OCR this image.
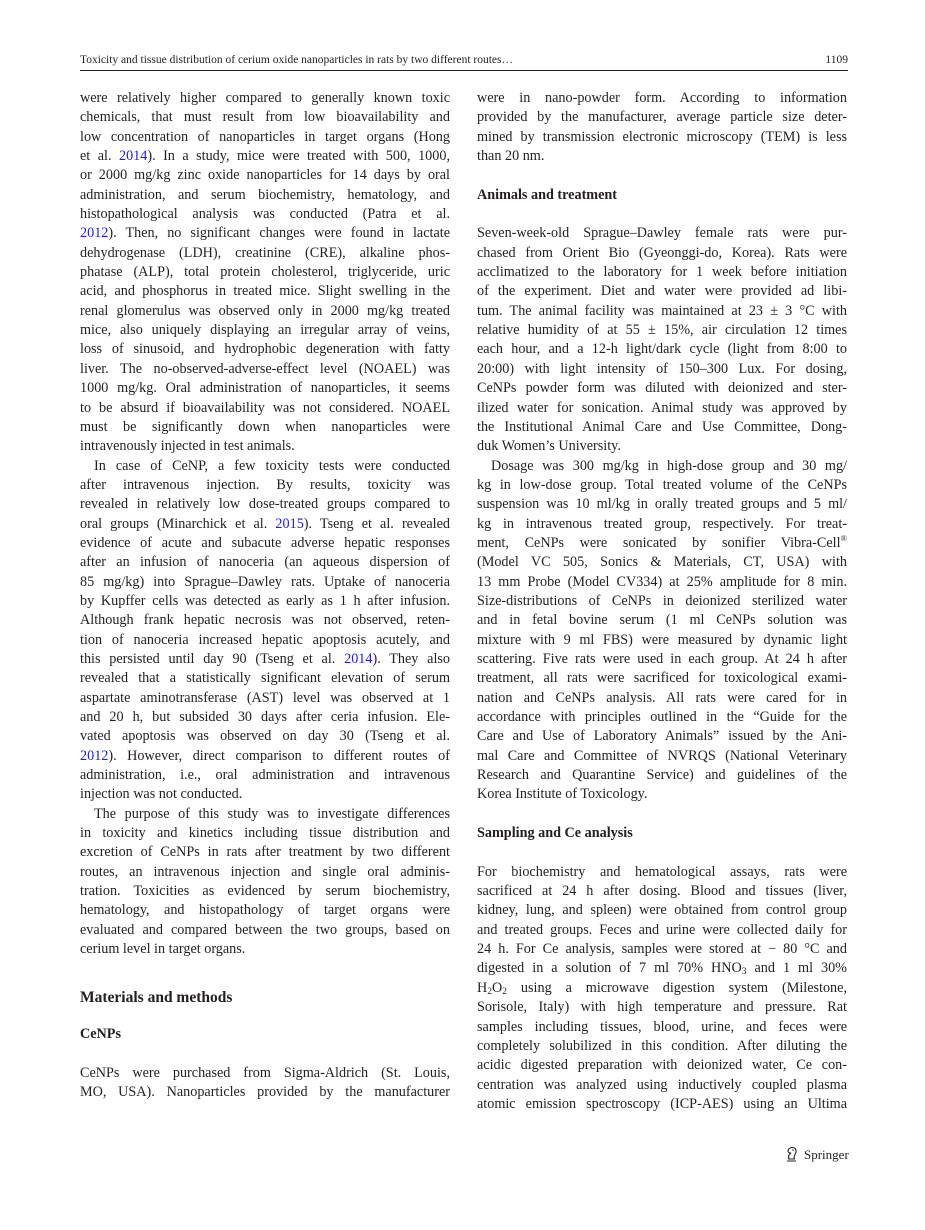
Toxicity and tissue distribution of cerium oxide nanoparticles in rats by two different routes…	1109
were relatively higher compared to generally known toxic
chemicals, that must result from low bioavailability and
low concentration of nanoparticles in target organs (Hong
et al. 2014). In a study, mice were treated with 500, 1000,
or 2000 mg/kg zinc oxide nanoparticles for 14 days by oral
administration, and serum biochemistry, hematology, and
histopathological analysis was conducted (Patra et al.
2012). Then, no significant changes were found in lactate
dehydrogenase (LDH), creatinine (CRE), alkaline phos-
phatase (ALP), total protein cholesterol, triglyceride, uric
acid, and phosphorus in treated mice. Slight swelling in the
renal glomerulus was observed only in 2000 mg/kg treated
mice, also uniquely displaying an irregular array of veins,
loss of sinusoid, and hydrophobic degeneration with fatty
liver. The no-observed-adverse-effect level (NOAEL) was
1000 mg/kg. Oral administration of nanoparticles, it seems
to be absurd if bioavailability was not considered. NOAEL
must be significantly down when nanoparticles were
intravenously injected in test animals.
In case of CeNP, a few toxicity tests were conducted
after intravenous injection. By results, toxicity was
revealed in relatively low dose-treated groups compared to
oral groups (Minarchick et al. 2015). Tseng et al. revealed
evidence of acute and subacute adverse hepatic responses
after an infusion of nanoceria (an aqueous dispersion of
85 mg/kg) into Sprague–Dawley rats. Uptake of nanoceria
by Kupffer cells was detected as early as 1 h after infusion.
Although frank hepatic necrosis was not observed, reten-
tion of nanoceria increased hepatic apoptosis acutely, and
this persisted until day 90 (Tseng et al. 2014). They also
revealed that a statistically significant elevation of serum
aspartate aminotransferase (AST) level was observed at 1
and 20 h, but subsided 30 days after ceria infusion. Ele-
vated apoptosis was observed on day 30 (Tseng et al.
2012). However, direct comparison to different routes of
administration, i.e., oral administration and intravenous
injection was not conducted.
The purpose of this study was to investigate differences
in toxicity and kinetics including tissue distribution and
excretion of CeNPs in rats after treatment by two different
routes, an intravenous injection and single oral adminis-
tration. Toxicities as evidenced by serum biochemistry,
hematology, and histopathology of target organs were
evaluated and compared between the two groups, based on
cerium level in target organs.
Materials and methods
CeNPs
CeNPs were purchased from Sigma-Aldrich (St. Louis,
MO, USA). Nanoparticles provided by the manufacturer
were in nano-powder form. According to information
provided by the manufacturer, average particle size deter-
mined by transmission electronic microscopy (TEM) is less
than 20 nm.
Animals and treatment
Seven-week-old Sprague–Dawley female rats were pur-
chased from Orient Bio (Gyeonggi-do, Korea). Rats were
acclimatized to the laboratory for 1 week before initiation
of the experiment. Diet and water were provided ad libi-
tum. The animal facility was maintained at 23 ± 3 °C with
relative humidity of at 55 ± 15%, air circulation 12 times
each hour, and a 12-h light/dark cycle (light from 8:00 to
20:00) with light intensity of 150–300 Lux. For dosing,
CeNPs powder form was diluted with deionized and ster-
ilized water for sonication. Animal study was approved by
the Institutional Animal Care and Use Committee, Dong-
duk Women’s University.
Dosage was 300 mg/kg in high-dose group and 30 mg/
kg in low-dose group. Total treated volume of the CeNPs
suspension was 10 ml/kg in orally treated groups and 5 ml/
kg in intravenous treated group, respectively. For treat-
ment, CeNPs were sonicated by sonifier Vibra-Cell®
(Model VC 505, Sonics & Materials, CT, USA) with
13 mm Probe (Model CV334) at 25% amplitude for 8 min.
Size-distributions of CeNPs in deionized sterilized water
and in fetal bovine serum (1 ml CeNPs solution was
mixture with 9 ml FBS) were measured by dynamic light
scattering. Five rats were used in each group. At 24 h after
treatment, all rats were sacrificed for toxicological exami-
nation and CeNPs analysis. All rats were cared for in
accordance with principles outlined in the “Guide for the
Care and Use of Laboratory Animals” issued by the Ani-
mal Care and Committee of NVRQS (National Veterinary
Research and Quarantine Service) and guidelines of the
Korea Institute of Toxicology.
Sampling and Ce analysis
For biochemistry and hematological assays, rats were
sacrificed at 24 h after dosing. Blood and tissues (liver,
kidney, lung, and spleen) were obtained from control group
and treated groups. Feces and urine were collected daily for
24 h. For Ce analysis, samples were stored at − 80 °C and
digested in a solution of 7 ml 70% $HNO_3$ and 1 ml 30%
$H_2O_2$ using a microwave digestion system (Milestone,
Sorisole, Italy) with high temperature and pressure. Rat
samples including tissues, blood, urine, and feces were
completely solubilized in this condition. After diluting the
acidic digested preparation with deionized water, Ce con-
centration was analyzed using inductively coupled plasma
atomic emission spectroscopy (ICP-AES) using an Ultima
Springer
